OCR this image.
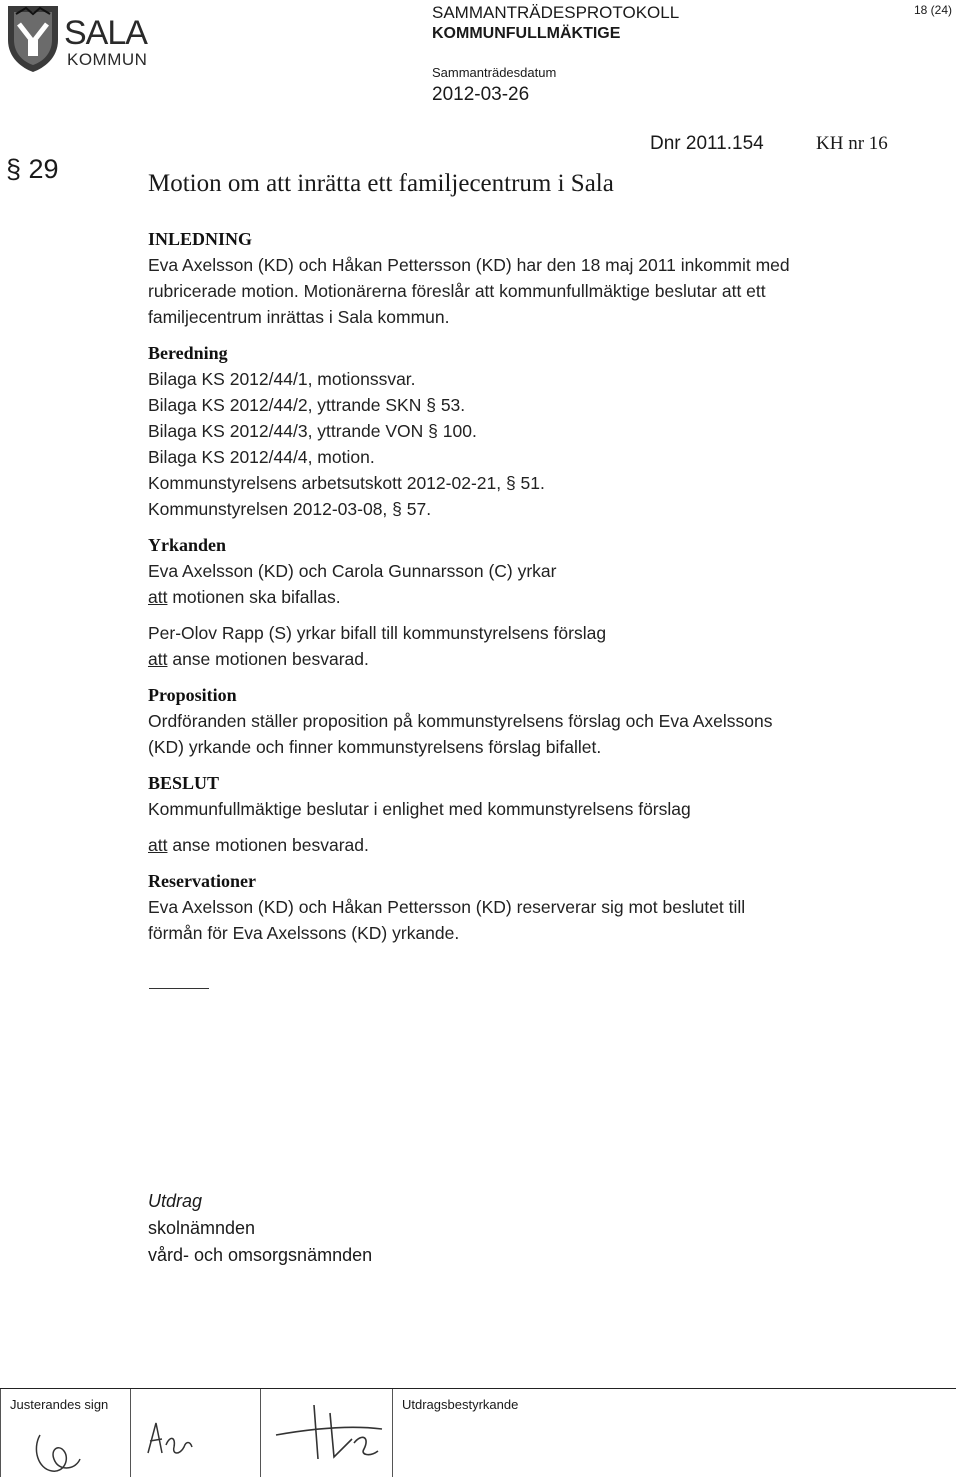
SALA
KOMMUN
SAMMANTRÄDESPROTOKOLL
KOMMUNFULLMÄKTIGE
Sammanträdesdatum
2012-03-26
18 (24)
Dnr 2011.154	KH nr 16
§ 29	Motion om att inrätta ett familjecentrum i Sala

INLEDNING

Eva Axelsson (KD) och Håkan Pettersson (KD) har den 18 maj 2011 inkommit med

rubricerade motion. Motionärerna föreslår att kommunfullmäktige beslutar att ett

familjecentrum inrättas i Sala kommun.

Beredning

Bilaga KS 2012/44/1, motionssvar.

Bilaga KS 2012/44/2, yttrande SKN § 53.

Bilaga KS 2012/44/3, yttrande VON § 100.

Bilaga KS 2012/44/4, motion.

Kommunstyrelsens arbetsutskott 2012-02-21, § 51.

Kommunstyrelsen 2012-03-08, § 57.

Yrkanden

Eva Axelsson (KD) och Carola Gunnarsson (C) yrkar

att motionen ska bifallas.

Per-Olov Rapp (S) yrkar bifall till kommunstyrelsens förslag

att anse motionen besvarad.

Proposition

Ordföranden ställer proposition på kommunstyrelsens förslag och Eva Axelssons

(KD) yrkande och finner kommunstyrelsens förslag bifallet.

BESLUT

Kommunfullmäktige beslutar i enlighet med kommunstyrelsens förslag

att anse motionen besvarad.

Reservationer

Eva Axelsson (KD) och Håkan Pettersson (KD) reserverar sig mot beslutet till

förmån för Eva Axelssons (KD) yrkande.

Utdrag
skolnämnden
vård- och omsorgsnämnden
Justerandes sign	Utdragsbestyrkande
